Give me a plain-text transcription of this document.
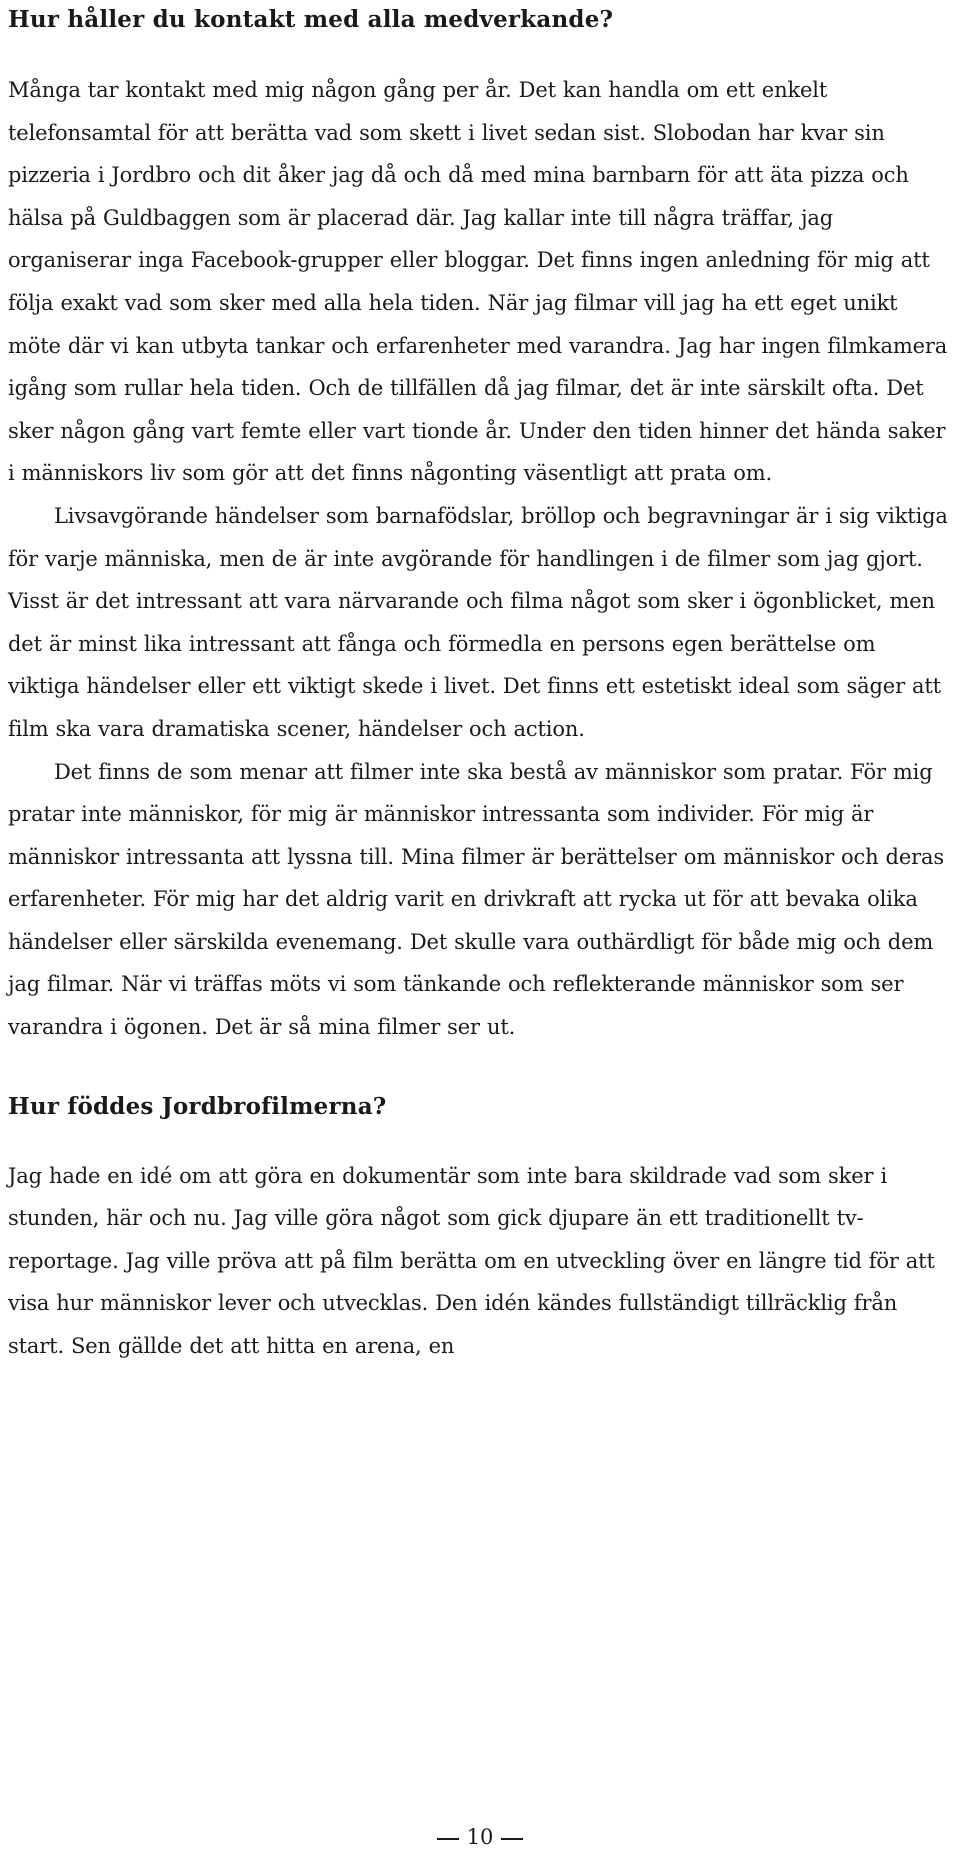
Hur håller du kontakt med alla medverkande?

Många tar kontakt med mig någon gång per år. Det kan handla om ett enkelt telefonsamtal för att berätta vad som skett i livet sedan sist. Slobodan har kvar sin pizzeria i Jordbro och dit åker jag då och då med mina barnbarn för att äta pizza och hälsa på Guldbaggen som är placerad där. Jag kallar inte till några träffar, jag organiserar inga Facebook-grupper eller bloggar. Det finns ingen anledning för mig att följa exakt vad som sker med alla hela tiden. När jag filmar vill jag ha ett eget unikt möte där vi kan utbyta tankar och erfarenheter med varandra. Jag har ingen filmkamera igång som rullar hela tiden. Och de tillfällen då jag filmar, det är inte särskilt ofta. Det sker någon gång vart femte eller vart tionde år. Under den tiden hinner det hända saker i människors liv som gör att det finns någonting väsentligt att prata om.

Livsavgörande händelser som barnafödslar, bröllop och begravningar är i sig viktiga för varje människa, men de är inte avgörande för handlingen i de filmer som jag gjort. Visst är det intressant att vara närvarande och filma något som sker i ögonblicket, men det är minst lika intressant att fånga och förmedla en persons egen berättelse om viktiga händelser eller ett viktigt skede i livet. Det finns ett estetiskt ideal som säger att film ska vara dramatiska scener, händelser och action.

Det finns de som menar att filmer inte ska bestå av människor som pratar. För mig pratar inte människor, för mig är människor intressanta som individer. För mig är människor intressanta att lyssna till. Mina filmer är berättelser om människor och deras erfarenheter. För mig har det aldrig varit en drivkraft att rycka ut för att bevaka olika händelser eller särskilda evenemang. Det skulle vara outhärdligt för både mig och dem jag filmar. När vi träffas möts vi som tänkande och reflekterande människor som ser varandra i ögonen. Det är så mina filmer ser ut.

Hur föddes Jordbrofilmerna?

Jag hade en idé om att göra en dokumentär som inte bara skildrade vad som sker i stunden, här och nu. Jag ville göra något som gick djupare än ett traditionellt tv-reportage. Jag ville pröva att på film berätta om en utveckling över en längre tid för att visa hur människor lever och utvecklas. Den idén kändes fullständigt tillräcklig från start. Sen gällde det att hitta en arena, en

10
